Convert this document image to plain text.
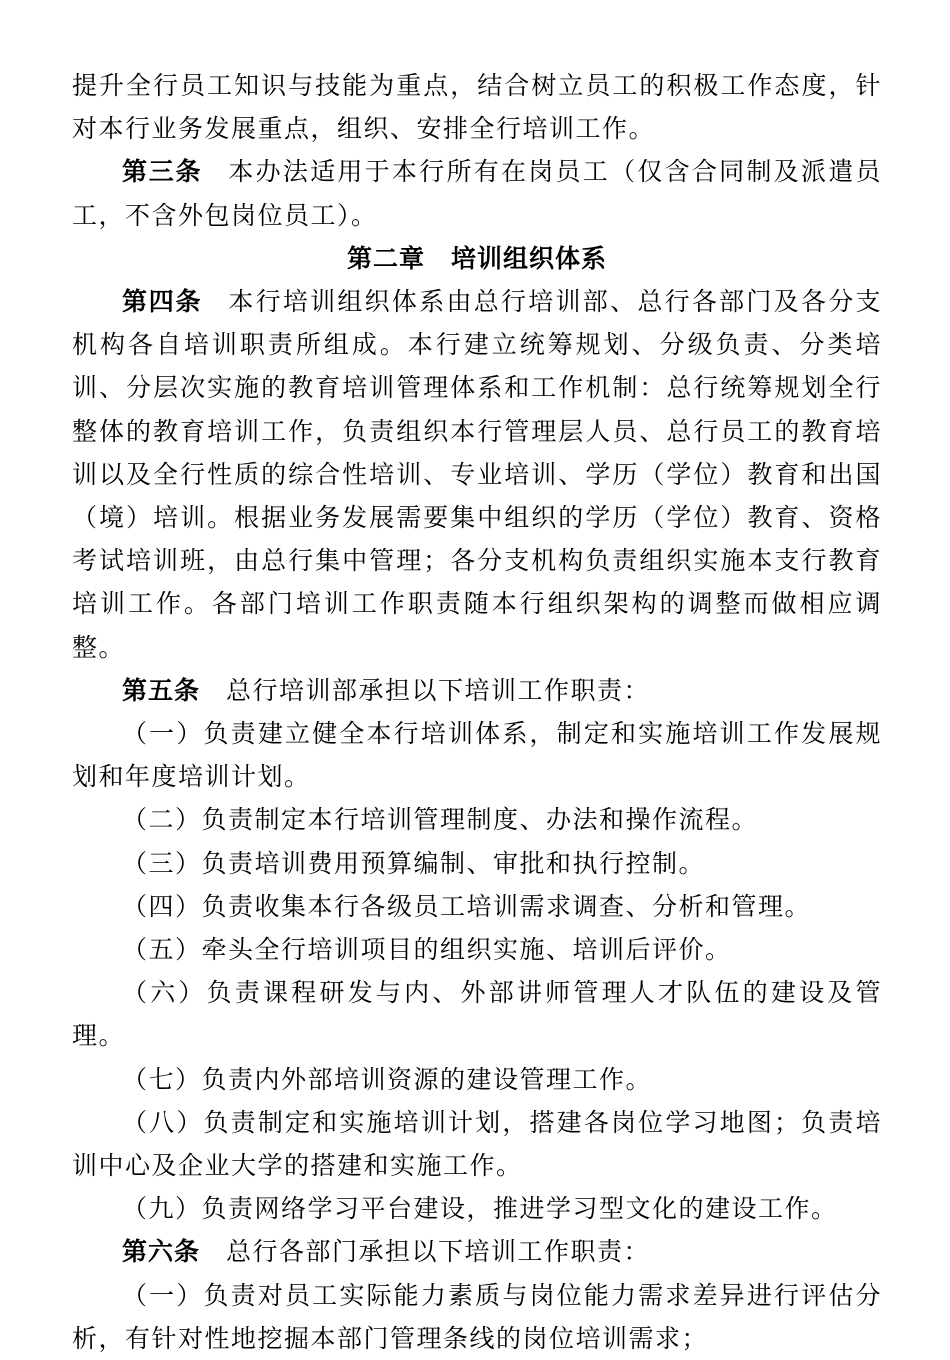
提升全行员工知识与技能为重点，结合树立员工的积极工作态度，针对本行业务发展重点，组织、安排全行培训工作。

第三条 本办法适用于本行所有在岗员工（仅含合同制及派遣员工，不含外包岗位员工）。

第二章 培训组织体系

第四条 本行培训组织体系由总行培训部、总行各部门及各分支机构各自培训职责所组成。本行建立统筹规划、分级负责、分类培训、分层次实施的教育培训管理体系和工作机制：总行统筹规划全行整体的教育培训工作，负责组织本行管理层人员、总行员工的教育培训以及全行性质的综合性培训、专业培训、学历（学位）教育和出国（境）培训。根据业务发展需要集中组织的学历（学位）教育、资格考试培训班，由总行集中管理；各分支机构负责组织实施本支行教育培训工作。各部门培训工作职责随本行组织架构的调整而做相应调整。

第五条 总行培训部承担以下培训工作职责：

（一）负责建立健全本行培训体系，制定和实施培训工作发展规划和年度培训计划。

（二）负责制定本行培训管理制度、办法和操作流程。

（三）负责培训费用预算编制、审批和执行控制。

（四）负责收集本行各级员工培训需求调查、分析和管理。

（五）牵头全行培训项目的组织实施、培训后评价。

（六）负责课程研发与内、外部讲师管理人才队伍的建设及管理。

（七）负责内外部培训资源的建设管理工作。

（八）负责制定和实施培训计划，搭建各岗位学习地图；负责培训中心及企业大学的搭建和实施工作。

（九）负责网络学习平台建设，推进学习型文化的建设工作。

第六条 总行各部门承担以下培训工作职责：

（一）负责对员工实际能力素质与岗位能力需求差异进行评估分析，有针对性地挖掘本部门管理条线的岗位培训需求；
